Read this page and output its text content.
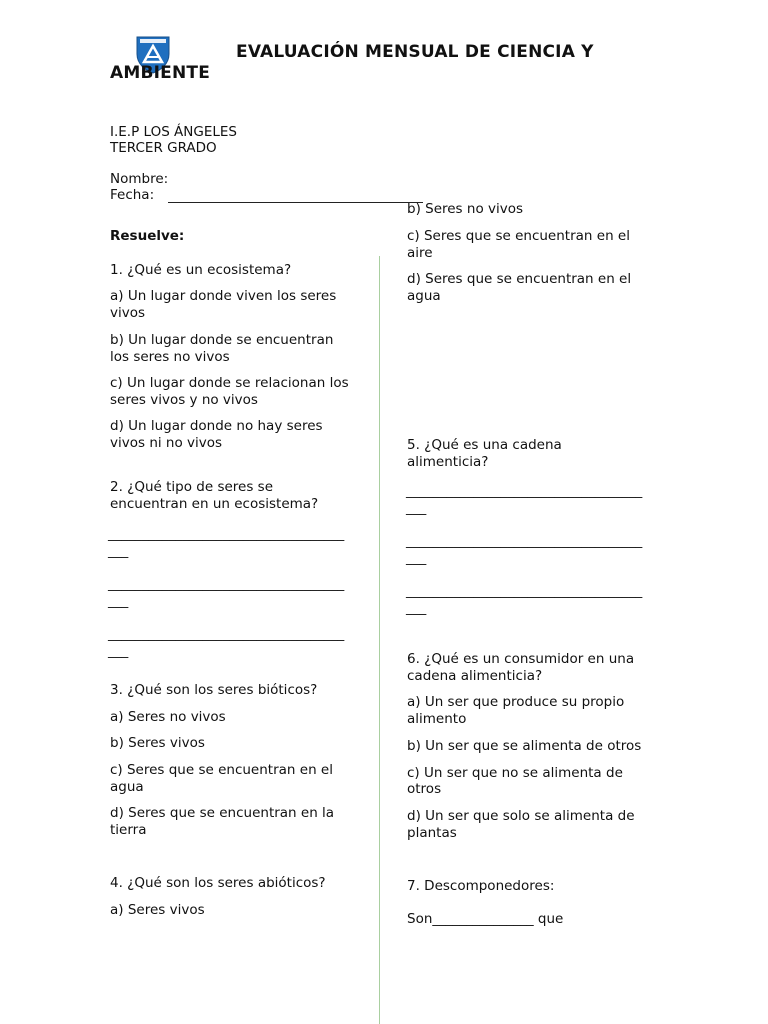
EVALUACIÓN MENSUAL DE CIENCIA Y
AMBIENTE
I.E.P LOS ÁNGELES
TERCER GRADO
Nombre:
Fecha:
Resuelve:
1. ¿Qué es un ecosistema?
a) Un lugar donde viven los seres
vivos
b) Un lugar donde se encuentran
los seres no vivos
c) Un lugar donde se relacionan los
seres vivos y no vivos
d) Un lugar donde no hay seres
vivos ni no vivos
2. ¿Qué tipo de seres se
encuentran en un ecosistema?
___________________________________
___
___________________________________
___
___________________________________
___
3. ¿Qué son los seres bióticos?
a) Seres no vivos
b) Seres vivos
c) Seres que se encuentran en el
agua
d) Seres que se encuentran en la
tierra
4. ¿Qué son los seres abióticos?
a) Seres vivos
b) Seres no vivos
c) Seres que se encuentran en el
aire
d) Seres que se encuentran en el
agua
5. ¿Qué es una cadena
alimenticia?
___________________________________
___
___________________________________
___
___________________________________
___
6. ¿Qué es un consumidor en una
cadena alimenticia?
a) Un ser que produce su propio
alimento
b) Un ser que se alimenta de otros
c) Un ser que no se alimenta de
otros
d) Un ser que solo se alimenta de
plantas
7. Descomponedores:
Son_______________ que
